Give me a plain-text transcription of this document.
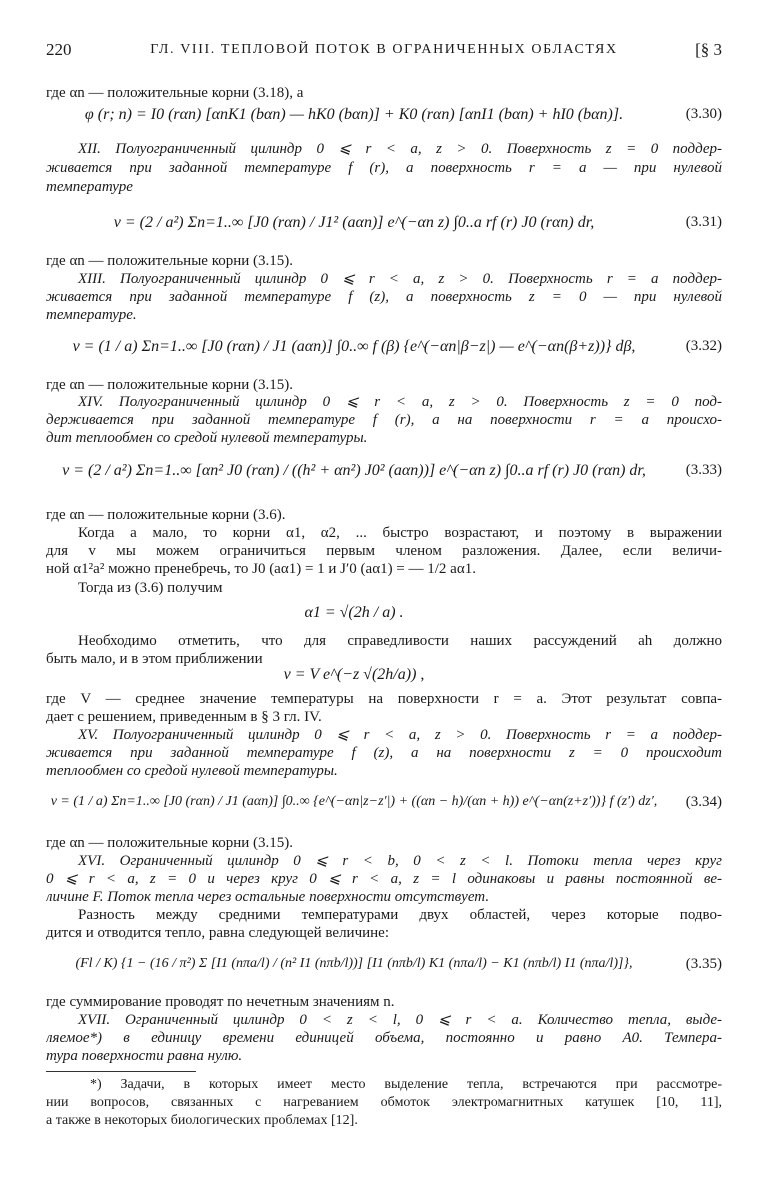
220	ГЛ. VIII. ТЕПЛОВОЙ ПОТОК В ОГРАНИЧЕННЫХ ОБЛАСТЯХ	[§ 3
где αn — положительные корни (3.18), а
φ (r; n) = I0 (rαn) [αnK1 (bαn) — hK0 (bαn)] + K0 (rαn) [αnI1 (bαn) + hI0 (bαn)].	(3.30)
XII. Полуограниченный цилиндр 0 ⩽ r < a, z > 0. Поверхность z = 0 поддер-
живается при заданной температуре f (r), а поверхность r = a — при нулевой
температуре
v = (2 / a²) Σn=1..∞ [J0 (rαn) / J1² (aαn)] e^(−αn z) ∫0..a rf (r) J0 (rαn) dr,	(3.31)
где αn — положительные корни (3.15).
XIII. Полуограниченный цилиндр 0 ⩽ r < a, z > 0. Поверхность r = a поддер-
живается при заданной температуре f (z), а поверхность z = 0 — при нулевой
температуре.
v = (1 / a) Σn=1..∞ [J0 (rαn) / J1 (aαn)] ∫0..∞ f (β) {e^(−αn|β−z|) — e^(−αn(β+z))} dβ,	(3.32)
где αn — положительные корни (3.15).
XIV. Полуограниченный цилиндр 0 ⩽ r < a, z > 0. Поверхность z = 0 под-
держивается при заданной температуре f (r), а на поверхности r = a происхо-
дит теплообмен со средой нулевой температуры.
v = (2 / a²) Σn=1..∞ [αn² J0 (rαn) / ((h² + αn²) J0² (aαn))] e^(−αn z) ∫0..a rf (r) J0 (rαn) dr,	(3.33)
где αn — положительные корни (3.6).
Когда a мало, то корни α1, α2, ... быстро возрастают, и поэтому в выражении
для v мы можем ограничиться первым членом разложения. Далее, если величи-
ной α1²a² можно пренебречь, то J0 (aα1) = 1 и J′0 (aα1) = — 1/2 aα1.
Тогда из (3.6) получим
α1 = √(2h / a) .
Необходимо отметить, что для справедливости наших рассуждений ah должно
быть мало, и в этом приближении
v = V e^(−z √(2h/a)) ,
где V — среднее значение температуры на поверхности r = a. Этот результат совпа-
дает с решением, приведенным в § 3 гл. IV.
XV. Полуограниченный цилиндр 0 ⩽ r < a, z > 0. Поверхность r = a поддер-
живается при заданной температуре f (z), а на поверхности z = 0 происходит
теплообмен со средой нулевой температуры.
v = (1 / a) Σn=1..∞ [J0 (rαn) / J1 (aαn)] ∫0..∞ {e^(−αn|z−z′|) + ((αn − h)/(αn + h)) e^(−αn(z+z′))} f (z′) dz′,	(3.34)
где αn — положительные корни (3.15).
XVI. Ограниченный цилиндр 0 ⩽ r < b, 0 < z < l. Потоки тепла через круг
0 ⩽ r < a, z = 0 и через круг 0 ⩽ r < a, z = l одинаковы и равны постоянной ве-
личине F. Поток тепла через остальные поверхности отсутствует.
Разность между средними температурами двух областей, через которые подво-
дится и отводится тепло, равна следующей величине:
(Fl / K) {1 − (16 / π²) Σ [I1 (nπa/l) / (n² I1 (nπb/l))] [I1 (nπb/l) K1 (nπa/l) − K1 (nπb/l) I1 (nπa/l)]},	(3.35)
где суммирование проводят по нечетным значениям n.
XVII. Ограниченный цилиндр 0 < z < l, 0 ⩽ r < a. Количество тепла, выде-
ляемое*) в единицу времени единицей объема, постоянно и равно A0. Темпера-
тура поверхности равна нулю.
*) Задачи, в которых имеет место выделение тепла, встречаются при рассмотре-
нии вопросов, связанных с нагреванием обмоток электромагнитных катушек [10, 11],
а также в некоторых биологических проблемах [12].
